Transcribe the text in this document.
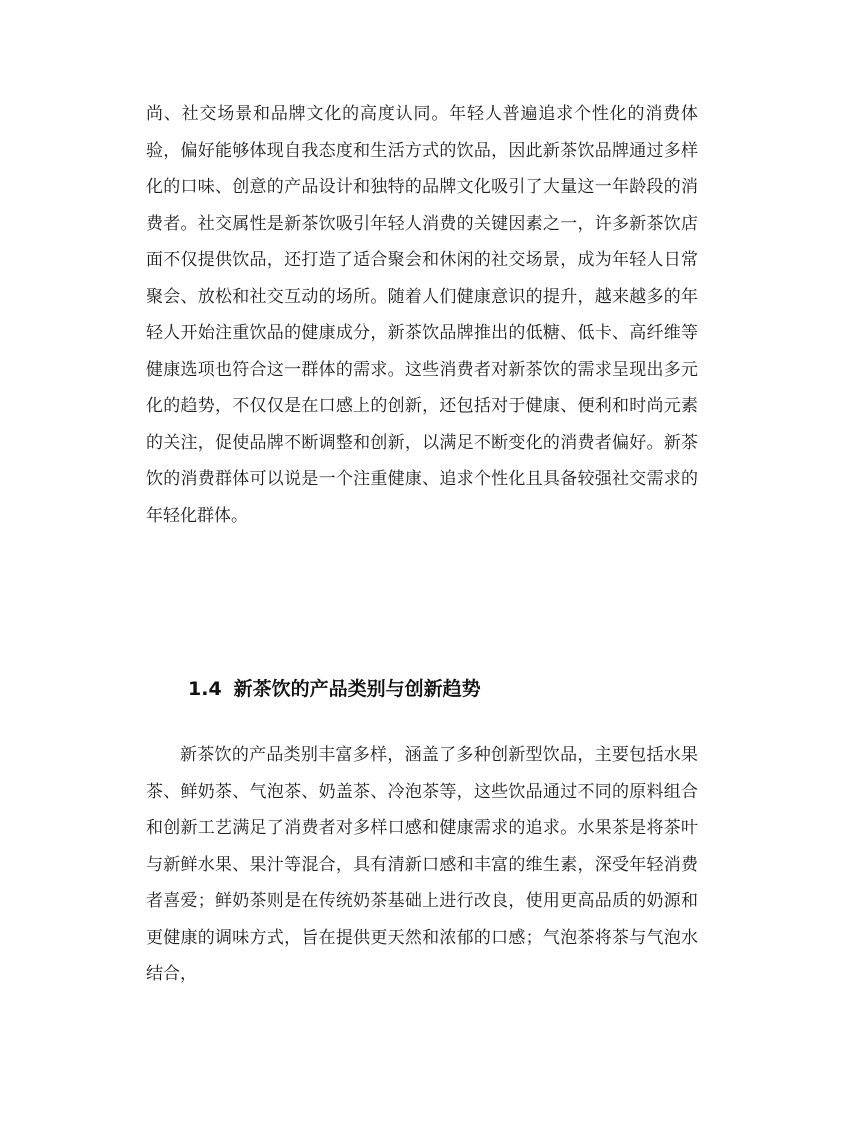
尚、社交场景和品牌文化的高度认同。年轻人普遍追求个性化的消费体验，偏好能够体现自我态度和生活方式的饮品，因此新茶饮品牌通过多样化的口味、创意的产品设计和独特的品牌文化吸引了大量这一年龄段的消费者。社交属性是新茶饮吸引年轻人消费的关键因素之一，许多新茶饮店面不仅提供饮品，还打造了适合聚会和休闲的社交场景，成为年轻人日常聚会、放松和社交互动的场所。随着人们健康意识的提升，越来越多的年轻人开始注重饮品的健康成分，新茶饮品牌推出的低糖、低卡、高纤维等健康选项也符合这一群体的需求。这些消费者对新茶饮的需求呈现出多元化的趋势，不仅仅是在口感上的创新，还包括对于健康、便利和时尚元素的关注，促使品牌不断调整和创新，以满足不断变化的消费者偏好。新茶饮的消费群体可以说是一个注重健康、追求个性化且具备较强社交需求的年轻化群体。

1.4 新茶饮的产品类别与创新趋势

新茶饮的产品类别丰富多样，涵盖了多种创新型饮品，主要包括水果茶、鲜奶茶、气泡茶、奶盖茶、冷泡茶等，这些饮品通过不同的原料组合和创新工艺满足了消费者对多样口感和健康需求的追求。水果茶是将茶叶与新鲜水果、果汁等混合，具有清新口感和丰富的维生素，深受年轻消费者喜爱；鲜奶茶则是在传统奶茶基础上进行改良，使用更高品质的奶源和更健康的调味方式，旨在提供更天然和浓郁的口感；气泡茶将茶与气泡水结合，
